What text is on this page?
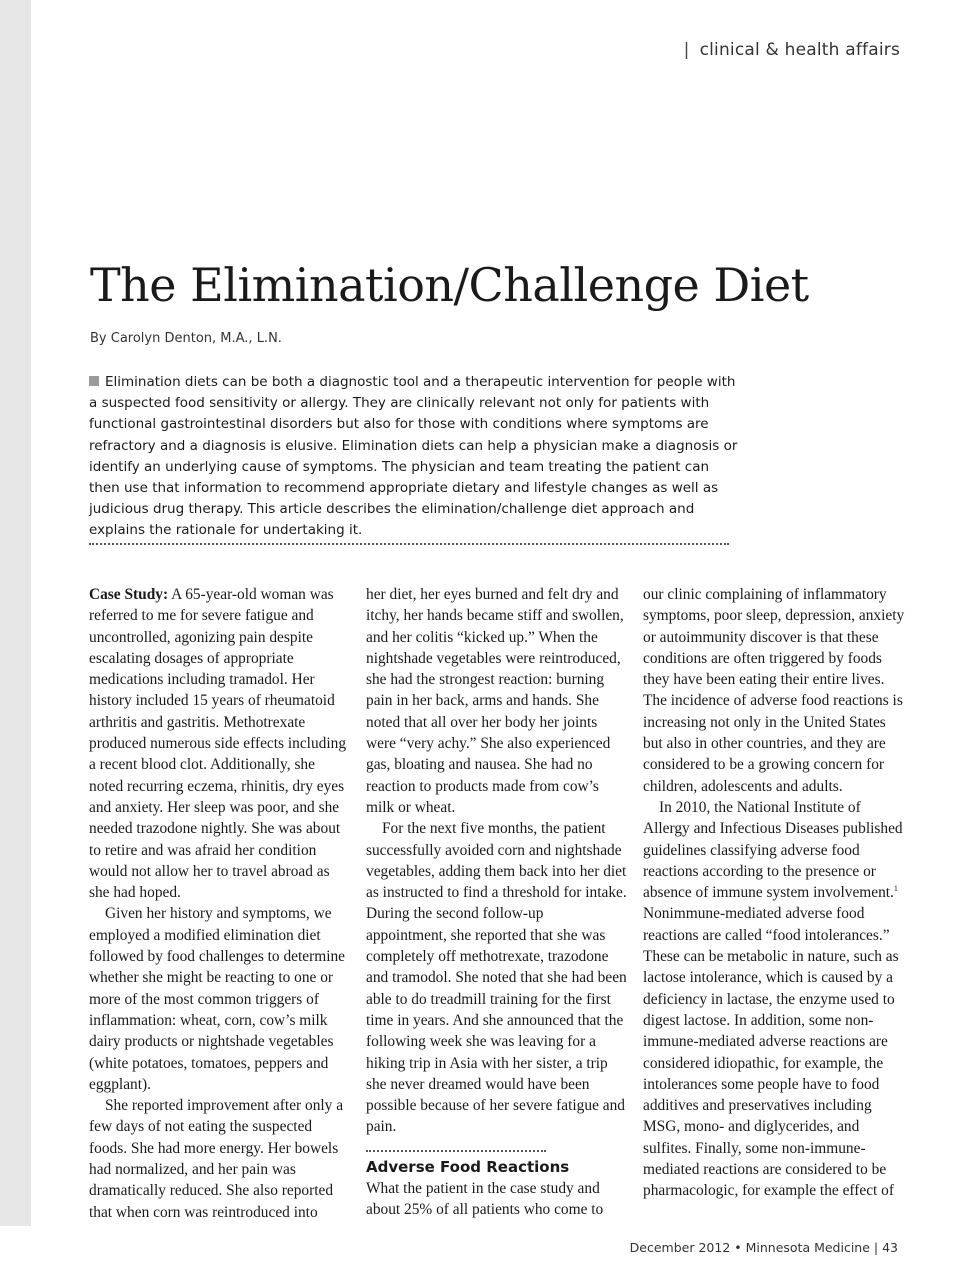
| clinical & health affairs
The Elimination/Challenge Diet
By Carolyn Denton, M.A., L.N.

Elimination diets can be both a diagnostic tool and a therapeutic intervention for people with a suspected food sensitivity or allergy. They are clinically relevant not only for patients with functional gastrointestinal disorders but also for those with conditions where symptoms are refractory and a diagnosis is elusive. Elimination diets can help a physician make a diagnosis or identify an underlying cause of symptoms. The physician and team treating the patient can then use that information to recommend appropriate dietary and lifestyle changes as well as judicious drug therapy. This article describes the elimination/challenge diet approach and explains the rationale for undertaking it.

Case Study: A 65-year-old woman was referred to me for severe fatigue and uncontrolled, agonizing pain despite escalating dosages of appropriate medications including tramadol. Her history included 15 years of rheumatoid arthritis and gastritis. Methotrexate produced numerous side effects including a recent blood clot. Additionally, she noted recurring eczema, rhinitis, dry eyes and anxiety. Her sleep was poor, and she needed trazodone nightly. She was about to retire and was afraid her condition would not allow her to travel abroad as she had hoped.

Given her history and symptoms, we employed a modified elimination diet followed by food challenges to determine whether she might be reacting to one or more of the most common triggers of inflammation: wheat, corn, cow’s milk dairy products or nightshade vegetables (white potatoes, tomatoes, peppers and eggplant).

She reported improvement after only a few days of not eating the suspected foods. She had more energy. Her bowels had normalized, and her pain was dramatically reduced. She also reported that when corn was reintroduced into

her diet, her eyes burned and felt dry and itchy, her hands became stiff and swollen, and her colitis “kicked up.” When the nightshade vegetables were reintroduced, she had the strongest reaction: burning pain in her back, arms and hands. She noted that all over her body her joints were “very achy.” She also experienced gas, bloating and nausea. She had no reaction to products made from cow’s milk or wheat.

For the next five months, the patient successfully avoided corn and nightshade vegetables, adding them back into her diet as instructed to find a threshold for intake. During the second follow-up appointment, she reported that she was completely off methotrexate, trazodone and tramodol. She noted that she had been able to do treadmill training for the first time in years. And she announced that the following week she was leaving for a hiking trip in Asia with her sister, a trip she never dreamed would have been possible because of her severe fatigue and pain.

Adverse Food Reactions

What the patient in the case study and about 25% of all patients who come to

our clinic complaining of inflammatory symptoms, poor sleep, depression, anxiety or autoimmunity discover is that these conditions are often triggered by foods they have been eating their entire lives. The incidence of adverse food reactions is increasing not only in the United States but also in other countries, and they are considered to be a growing concern for children, adolescents and adults.

In 2010, the National Institute of Allergy and Infectious Diseases published guidelines classifying adverse food reactions according to the presence or absence of immune system involvement.$^1$ Nonimmune-mediated adverse food reactions are called “food intolerances.” These can be metabolic in nature, such as lactose intolerance, which is caused by a deficiency in lactase, the enzyme used to digest lactose. In addition, some non-immune-mediated adverse reactions are considered idiopathic, for example, the intolerances some people have to food additives and preservatives including MSG, mono- and diglycerides, and sulfites. Finally, some non-immune-mediated reactions are considered to be pharmacologic, for example the effect of

December 2012 • Minnesota Medicine | 43
